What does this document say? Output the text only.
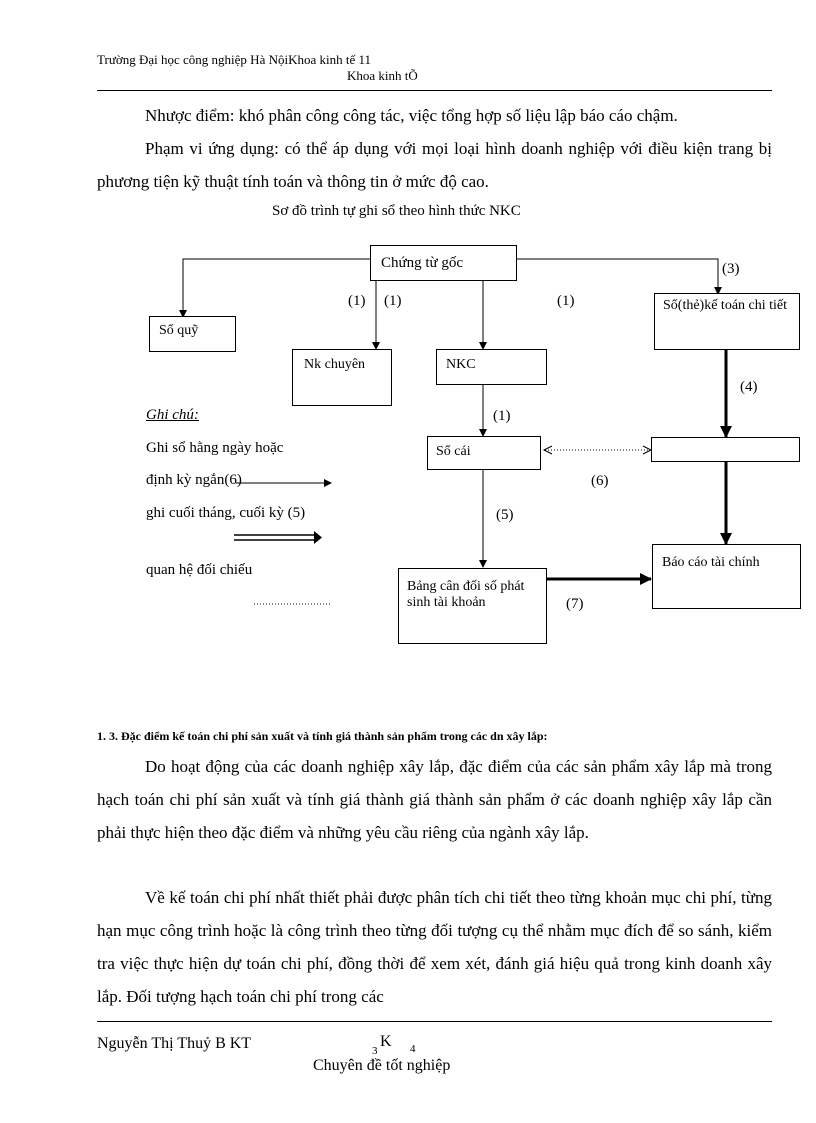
Trường Đại học công nghiệp Hà NộiKhoa kinh tế 11
Khoa kinh tÕ
Nhược điểm: khó phân công công tác, việc tổng hợp số liệu lập báo cáo chậm.
Phạm vi ứng dụng: có thể áp dụng với mọi loại hình doanh nghiệp với điều kiện trang bị phương tiện kỹ thuật tính toán và thông tin ở mức độ cao.
Sơ đồ trình tự ghi sổ theo hình thức NKC
Chứng từ gốc
Sổ quỹ
Nk chuyên	NKC
Sổ(thẻ)kế toán chi tiết
Sổ cái
Báo cáo tài chính
Bảng cân đối số phát sinh tài khoản
(1) (1)	(1)
(3)
(4)
(1)
(6)
(5)
(7)
Ghi chú:
Ghi sổ hằng ngày hoặc
định kỳ ngắn(6)
ghi cuối tháng, cuối kỳ (5)
quan hệ đối chiếu
1. 3. Đặc điểm kế toán chi phí sản xuất và tính giá thành sản phẩm trong các dn xây lắp:
Do hoạt động của các doanh nghiệp xây lắp, đặc điểm của các sản phẩm xây lắp mà trong hạch toán chi phí sản xuất và tính giá thành giá thành sản phẩm ở các doanh nghiệp xây lắp cần phải thực hiện theo đặc điểm và những yêu cầu riêng của ngành xây lắp.
Về kế toán chi phí nhất thiết phải được phân tích chi tiết theo từng khoản mục chi phí, từng hạn mục công trình hoặc là công trình theo từng đối tượng cụ thể nhằm mục đích để so sánh, kiểm tra việc thực hiện dự toán chi phí, đồng thời để xem xét, đánh giá hiệu quả trong kinh doanh xây lắp. Đối tượng hạch toán chi phí trong các
Nguyễn Thị Thuỷ B KT	3
K 4
Chuyên đề tốt nghiệp
